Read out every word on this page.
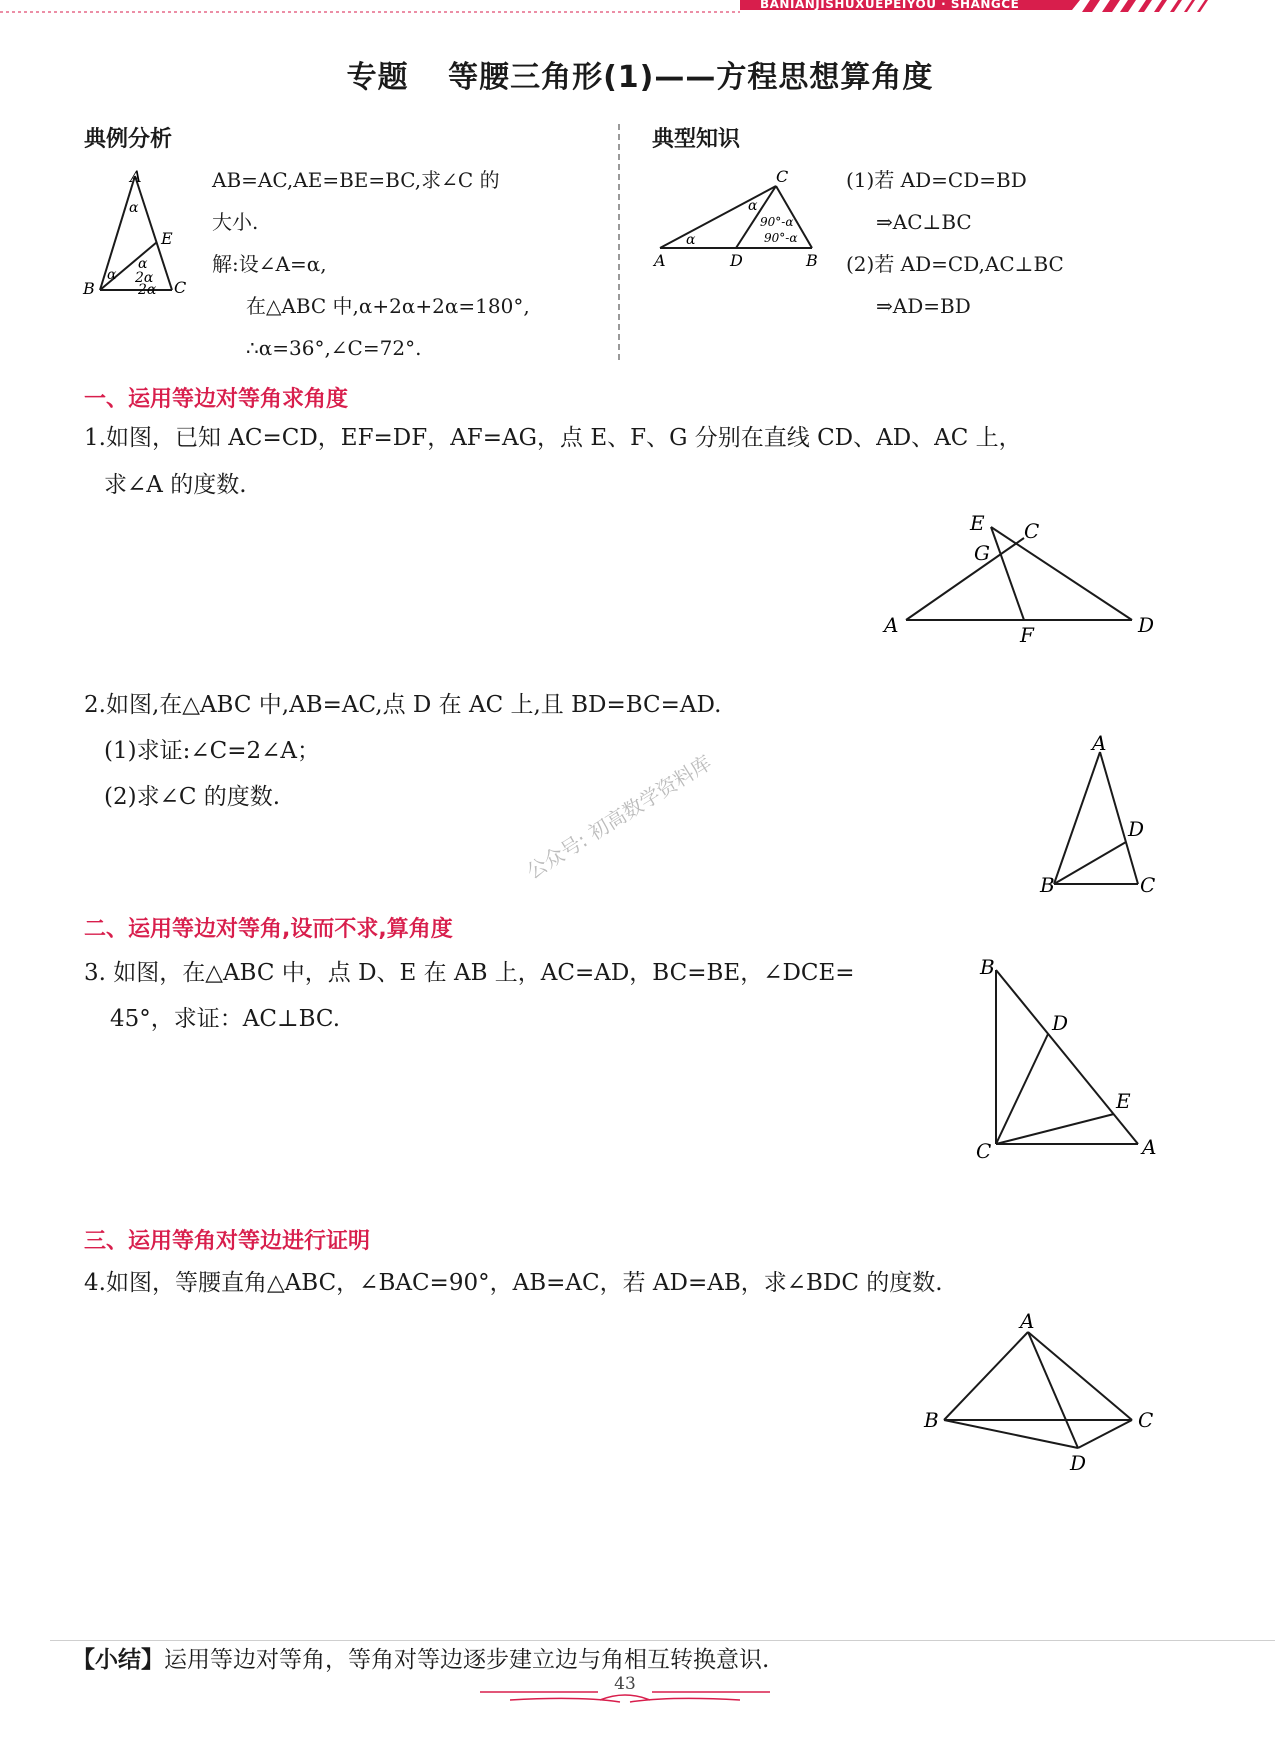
BANIANJISHUXUEPEIYOU · SHANGCE
专题 等腰三角形(1)——方程思想算角度
典例分析
A
B	C
E
α
α
α
2α
2α
AB=AC,AE=BE=BC,求∠C 的
大小.
解:设∠A=α,
在△ABC 中,α+2α+2α=180°,
∴α=36°,∠C=72°.
典型知识
A	B
C
D
α
α
90°-α
90°-α
(1)若 AD=CD=BD
⇒AC⊥BC
(2)若 AD=CD,AC⊥BC
⇒AD=BD
一、运用等边对等角求角度
1.如图，已知 AC=CD，EF=DF，AF=AG，点 E、F、G 分别在直线 CD、AD、AC 上，
求∠A 的度数.
A
C
D
E
F
G
2.如图,在△ABC 中,AB=AC,点 D 在 AC 上,且 BD=BC=AD.
(1)求证:∠C=2∠A；
(2)求∠C 的度数.
A
B	C
D
公众号: 初高数学资料库
二、运用等边对等角,设而不求,算角度
3. 如图，在△ABC 中，点 D、E 在 AB 上，AC=AD，BC=BE，∠DCE=
45°，求证：AC⊥BC.
B
C	A
D
E
三、运用等角对等边进行证明
4.如图，等腰直角△ABC，∠BAC=90°，AB=AC，若 AD=AB，求∠BDC 的度数.
A
B	C
D
【小结】运用等边对等角，等角对等边逐步建立边与角相互转换意识.
43
